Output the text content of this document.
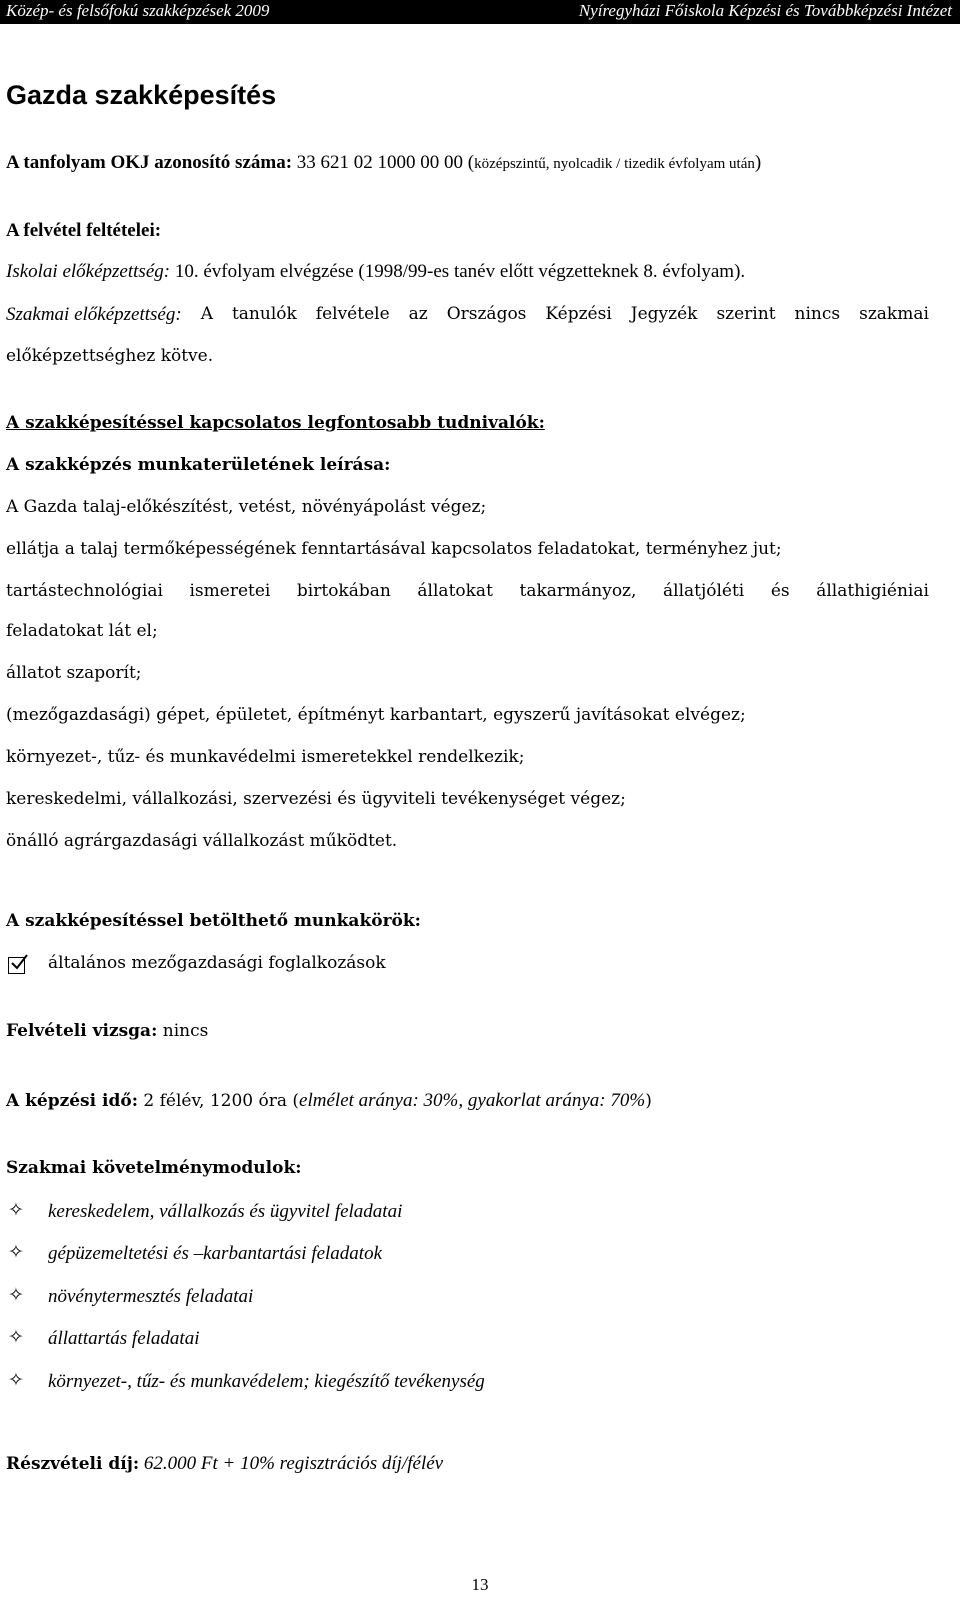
Közép- és felsőfokú szakképzések 2009	Nyíregyházi Főiskola Képzési és Továbbképzési Intézet
Gazda szakképesítés
A tanfolyam OKJ azonosító száma: 33 621 02 1000 00 00 (középszintű, nyolcadik / tizedik évfolyam után)
A felvétel feltételei:
Iskolai előképzettség: 10. évfolyam elvégzése (1998/99-es tanév előtt végzetteknek 8. évfolyam).
Szakmai előképzettség: A tanulók felvétele az Országos Képzési Jegyzék szerint nincs szakmai
előképzettséghez kötve.
A szakképesítéssel kapcsolatos legfontosabb tudnivalók:
A szakképzés munkaterületének leírása:
A Gazda talaj-előkészítést, vetést, növényápolást végez;
ellátja a talaj termőképességének fenntartásával kapcsolatos feladatokat, terményhez jut;
tartástechnológiai ismeretei birtokában állatokat takarmányoz, állatjóléti és állathigiéniai
feladatokat lát el;
állatot szaporít;
(mezőgazdasági) gépet, épületet, építményt karbantart, egyszerű javításokat elvégez;
környezet-, tűz- és munkavédelmi ismeretekkel rendelkezik;
kereskedelmi, vállalkozási, szervezési és ügyviteli tevékenységet végez;
önálló agrárgazdasági vállalkozást működtet.
A szakképesítéssel betölthető munkakörök:
általános mezőgazdasági foglalkozások
Felvételi vizsga: nincs
A képzési idő: 2 félév, 1200 óra (elmélet aránya: 30%, gyakorlat aránya: 70%)
Szakmai követelménymodulok:
✧ kereskedelem, vállalkozás és ügyvitel feladatai
✧ gépüzemeltetési és –karbantartási feladatok
✧ növénytermesztés feladatai
✧ állattartás feladatai
✧ környezet-, tűz- és munkavédelem; kiegészítő tevékenység
Részvételi díj: 62.000 Ft + 10% regisztrációs díj/félév
13
